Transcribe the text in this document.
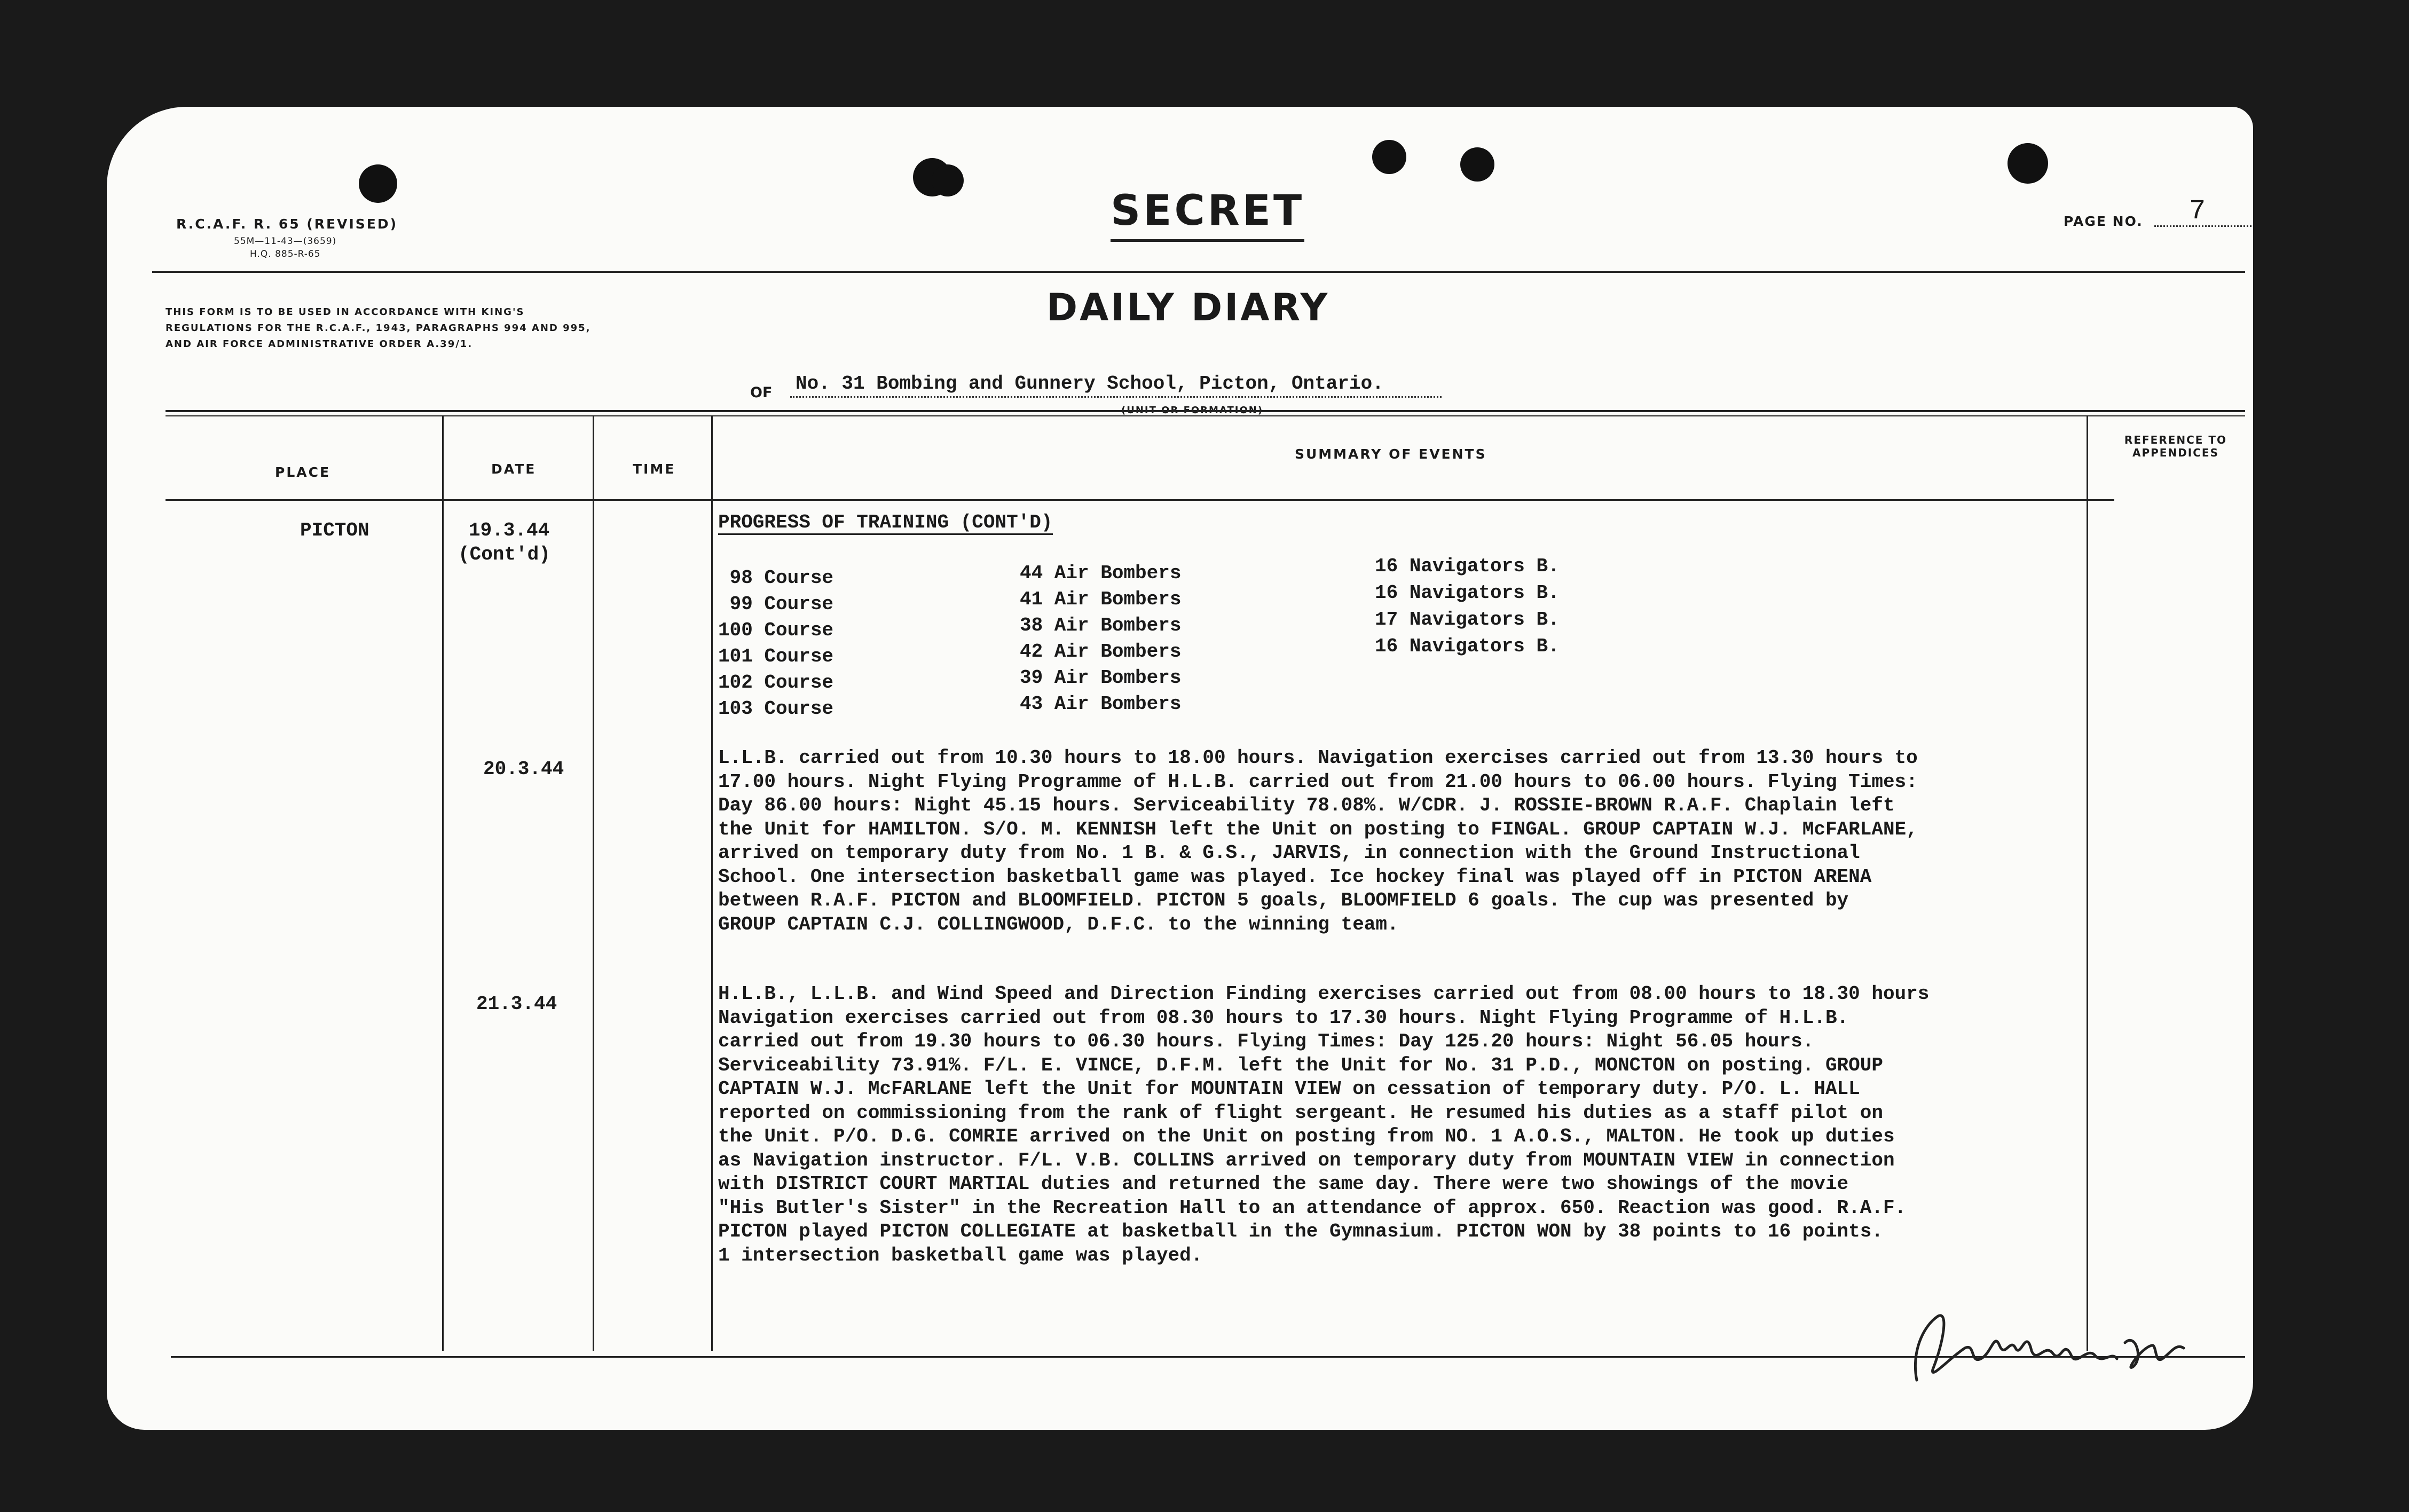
R.C.A.F. R. 65 (REVISED)
55M—11-43—(3659)
H.Q. 885-R-65
SECRET	PAGE NO. 7
THIS FORM IS TO BE USED IN ACCORDANCE WITH KING'S REGULATIONS FOR THE R.C.A.F., 1943, PARAGRAPHS 994 AND 995, AND AIR FORCE ADMINISTRATIVE ORDER A.39/1.
DAILY DIARY
OF No. 31 Bombing and Gunnery School, Picton, Ontario.
PLACE	DATE	TIME
SUMMARY OF EVENTS
REFERENCE TO APPENDICES
PICTON	19.3.44
(Cont'd)
PROGRESS OF TRAINING (CONT'D)
98 Course	44 Air Bombers	16 Navigators B.
99 Course	41 Air Bombers	16 Navigators B.
100 Course	38 Air Bombers	17 Navigators B.
101 Course	42 Air Bombers	16 Navigators B.
102 Course	39 Air Bombers
103 Course	43 Air Bombers
20.3.44
L.L.B. carried out from 10.30 hours to 18.00 hours. Navigation exercises carried out from 13.30 hours to
17.00 hours. Night Flying Programme of H.L.B. carried out from 21.00 hours to 06.00 hours. Flying Times:
Day 86.00 hours: Night 45.15 hours. Serviceability 78.08%. W/CDR. J. ROSSIE-BROWN R.A.F. Chaplain left
the Unit for HAMILTON. S/O. M. KENNISH left the Unit on posting to FINGAL. GROUP CAPTAIN W.J. McFARLANE,
arrived on temporary duty from No. 1 B. & G.S., JARVIS, in connection with the Ground Instructional
School. One intersection basketball game was played. Ice hockey final was played off in PICTON ARENA
between R.A.F. PICTON and BLOOMFIELD. PICTON 5 goals, BLOOMFIELD 6 goals. The cup was presented by
GROUP CAPTAIN C.J. COLLINGWOOD, D.F.C. to the winning team.
21.3.44	H.L.B., L.L.B. and Wind Speed and Direction Finding exercises carried out from 08.00 hours to 18.30 hours
Navigation exercises carried out from 08.30 hours to 17.30 hours. Night Flying Programme of H.L.B.
carried out from 19.30 hours to 06.30 hours. Flying Times: Day 125.20 hours: Night 56.05 hours.
Serviceability 73.91%. F/L. E. VINCE, D.F.M. left the Unit for No. 31 P.D., MONCTON on posting. GROUP
CAPTAIN W.J. McFARLANE left the Unit for MOUNTAIN VIEW on cessation of temporary duty. P/O. L. HALL
reported on commissioning from the rank of flight sergeant. He resumed his duties as a staff pilot on
the Unit. P/O. D.G. COMRIE arrived on the Unit on posting from NO. 1 A.O.S., MALTON. He took up duties
as Navigation instructor. F/L. V.B. COLLINS arrived on temporary duty from MOUNTAIN VIEW in connection
with DISTRICT COURT MARTIAL duties and returned the same day. There were two showings of the movie
"His Butler's Sister" in the Recreation Hall to an attendance of approx. 650. Reaction was good. R.A.F.
PICTON played PICTON COLLEGIATE at basketball in the Gymnasium. PICTON WON by 38 points to 16 points.
1 intersection basketball game was played.
